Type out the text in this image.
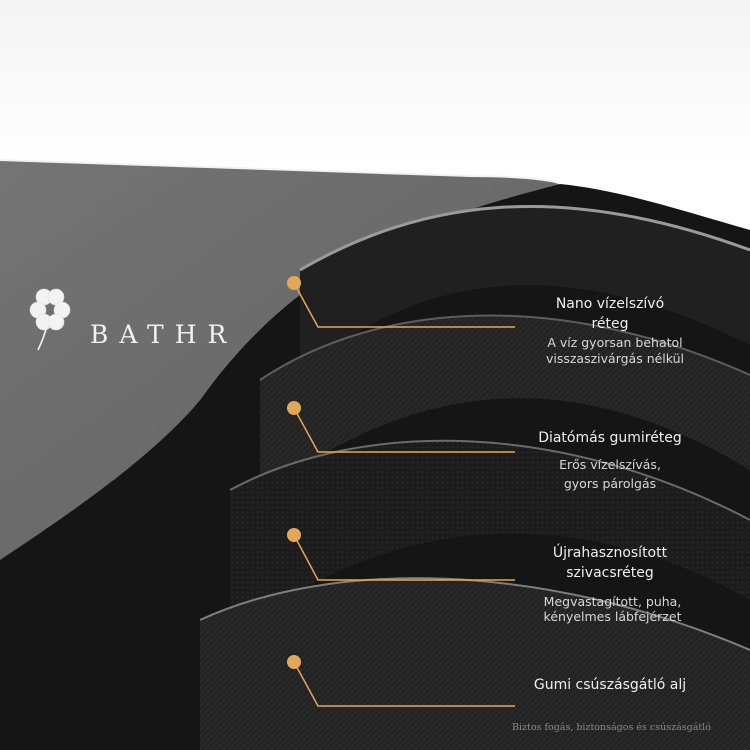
BATHR
Nano vízelszívó
réteg
A víz gyorsan behatol
visszaszivárgás nélkül
Diatómás gumiréteg
Erős vízelszívás,
gyors párolgás
Újrahasznosított
szivacsréteg
Megvastagított, puha,
kényelmes lábfejérzet
Gumi csúszásgátló alj
Biztos fogás, biztonságos és csúszásgátló
